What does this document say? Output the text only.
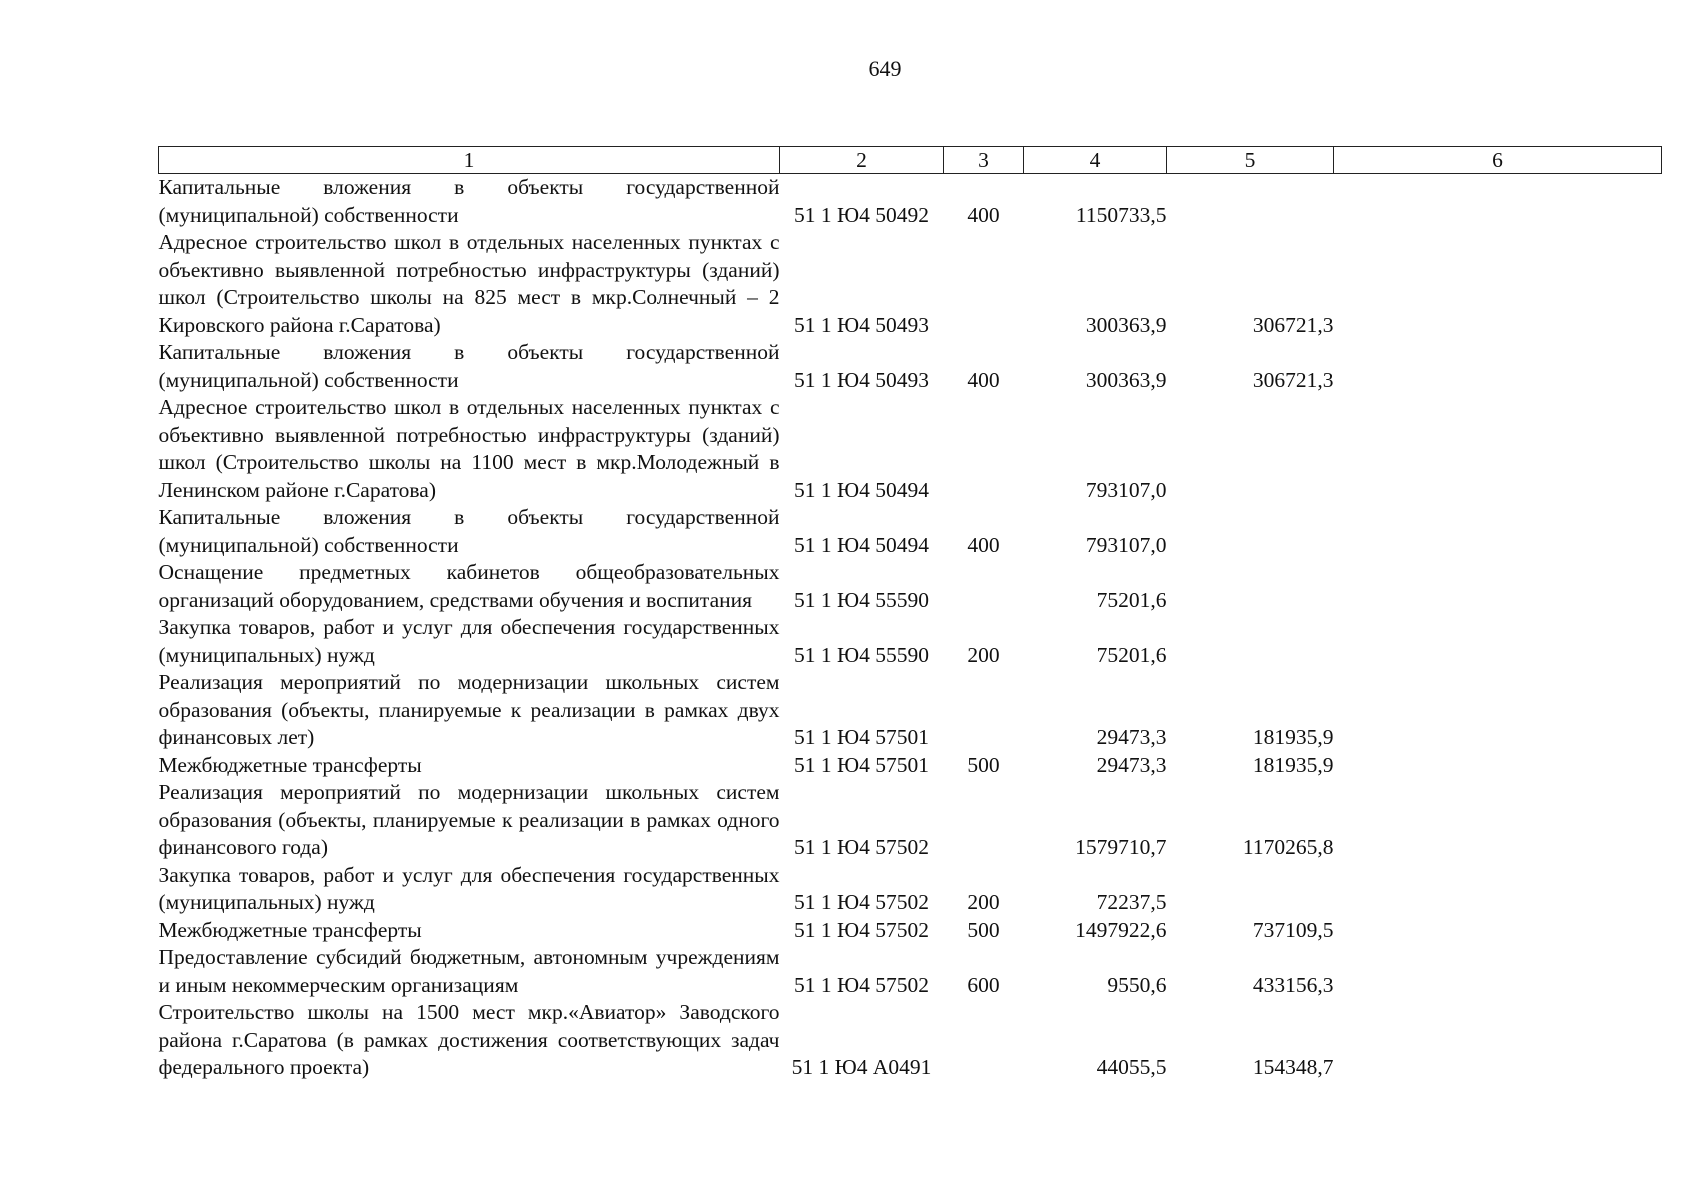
649
1	2	3	4	5	6
Капитальные вложения в объекты государственной (муниципальной) собственности	51 1 Ю4 50492	400	1150733,5		
Адресное строительство школ в отдельных населенных пунктах с объективно выявленной потребностью инфраструктуры (зданий) школ (Строительство школы на 825 мест в мкр.Солнечный – 2 Кировского района г.Саратова)	51 1 Ю4 50493		300363,9	306721,3	
Капитальные вложения в объекты государственной (муниципальной) собственности	51 1 Ю4 50493	400	300363,9	306721,3	
Адресное строительство школ в отдельных населенных пунктах с объективно выявленной потребностью инфраструктуры (зданий) школ (Строительство школы на 1100 мест в мкр.Молодежный в Ленинском районе г.Саратова)	51 1 Ю4 50494		793107,0		
Капитальные вложения в объекты государственной (муниципальной) собственности	51 1 Ю4 50494	400	793107,0		
Оснащение предметных кабинетов общеобразовательных организаций оборудованием, средствами обучения и воспитания	51 1 Ю4 55590		75201,6		
Закупка товаров, работ и услуг для обеспечения государственных (муниципальных) нужд	51 1 Ю4 55590	200	75201,6		
Реализация мероприятий по модернизации школьных систем образования (объекты, планируемые к реализации в рамках двух финансовых лет)	51 1 Ю4 57501		29473,3	181935,9	
Межбюджетные трансферты	51 1 Ю4 57501	500	29473,3	181935,9	
Реализация мероприятий по модернизации школьных систем образования (объекты, планируемые к реализации в рамках одного финансового года)	51 1 Ю4 57502		1579710,7	1170265,8	
Закупка товаров, работ и услуг для обеспечения государственных (муниципальных) нужд	51 1 Ю4 57502	200	72237,5		
Межбюджетные трансферты	51 1 Ю4 57502	500	1497922,6	737109,5	
Предоставление субсидий бюджетным, автономным учреждениям и иным некоммерческим организациям	51 1 Ю4 57502	600	9550,6	433156,3	
Строительство школы на 1500 мест мкр.«Авиатор» Заводского района г.Саратова (в рамках достижения соответствующих задач федерального проекта)	51 1 Ю4 А0491		44055,5	154348,7	
